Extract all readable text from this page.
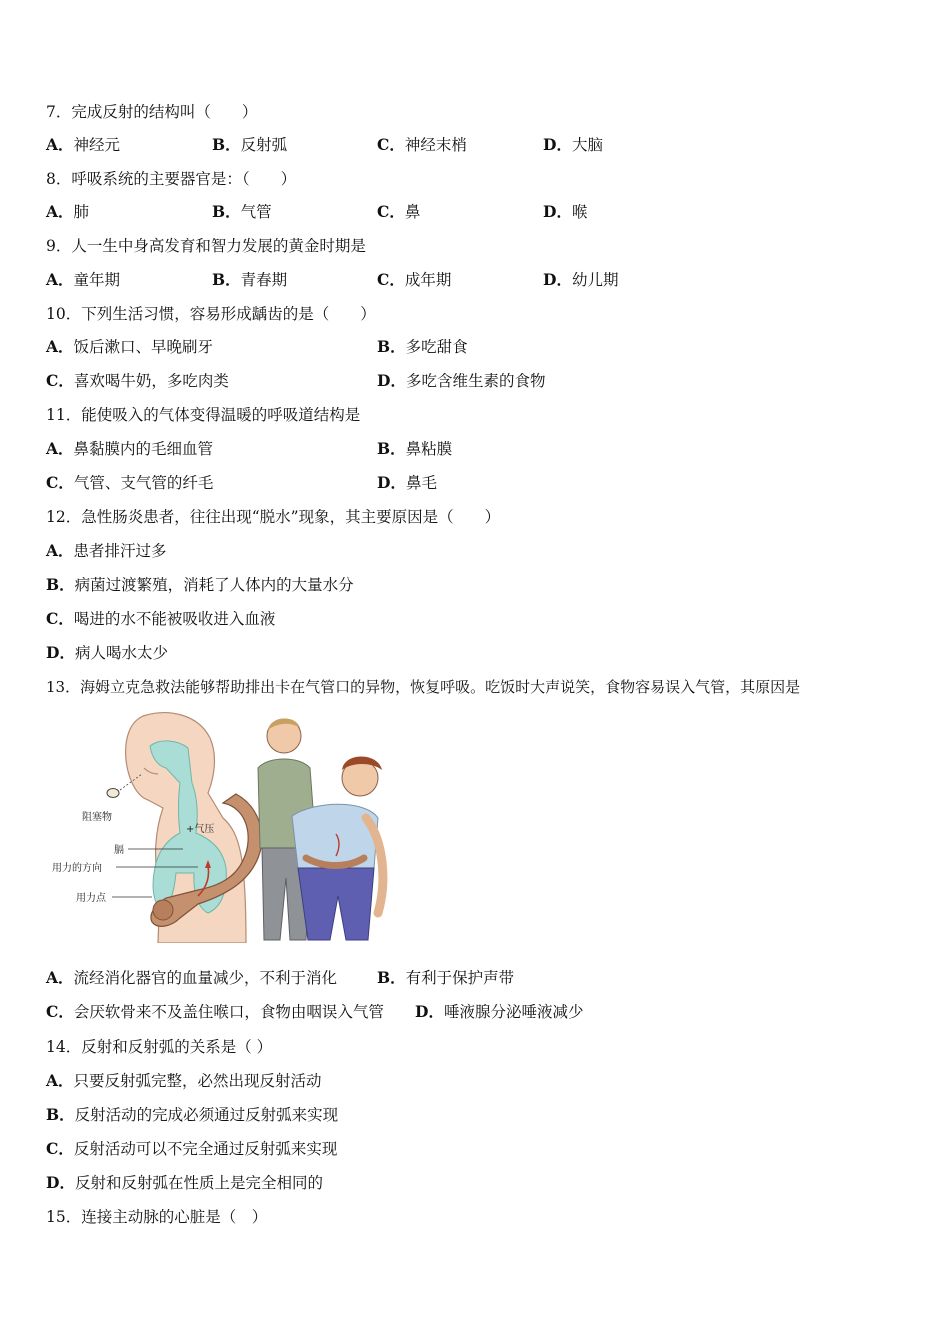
7．完成反射的结构叫（　　）
A．神经元	B．反射弧	C．神经末梢	D．大脑
8．呼吸系统的主要器官是：（　　）
A．肺	B．气管	C．鼻	D．喉
9．人一生中身高发育和智力发展的黄金时期是
A．童年期	B．青春期	C．成年期	D．幼儿期
10．下列生活习惯，容易形成龋齿的是（　　）
A．饭后漱口、早晚刷牙	B．多吃甜食
C．喜欢喝牛奶，多吃肉类	D．多吃含维生素的食物
11．能使吸入的气体变得温暖的呼吸道结构是
A．鼻黏膜内的毛细血管	B．鼻粘膜
C．气管、支气管的纤毛	D．鼻毛
12．急性肠炎患者，往往出现“脱水”现象，其主要原因是（　　）
A．患者排汗过多
B．病菌过渡繁殖，消耗了人体内的大量水分
C．喝进的水不能被吸收进入血液
D．病人喝水太少
13．海姆立克急救法能够帮助排出卡在气管口的异物，恢复呼吸。吃饭时大声说笑，食物容易误入气管，其原因是
阻塞物
+气压
膈
用力的方向
用力点
A．流经消化器官的血量减少，不利于消化	B．有利于保护声带
C．会厌软骨来不及盖住喉口，食物由咽误入气管 D．唾液腺分泌唾液减少
14．反射和反射弧的关系是（ ）
A．只要反射弧完整，必然出现反射活动
B．反射活动的完成必须通过反射弧来实现
C．反射活动可以不完全通过反射弧来实现
D．反射和反射弧在性质上是完全相同的
15．连接主动脉的心脏是（　）
